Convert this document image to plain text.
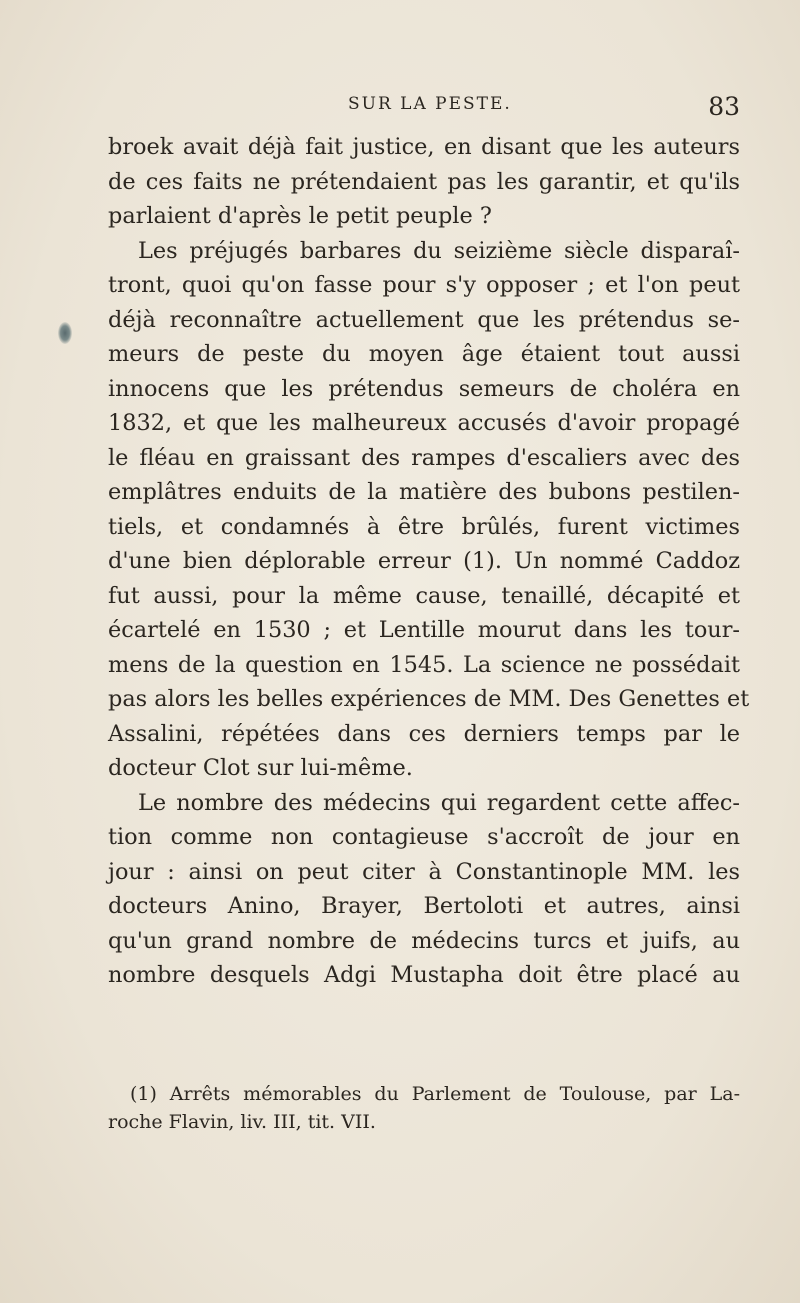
SUR LA PESTE.	83
broek avait déjà fait justice, en disant que les auteurs
de ces faits ne prétendaient pas les garantir, et qu'ils
parlaient d'après le petit peuple ?
Les préjugés barbares du seizième siècle disparaî-
tront, quoi qu'on fasse pour s'y opposer ; et l'on peut
déjà reconnaître actuellement que les prétendus se-
meurs de peste du moyen âge étaient tout aussi
innocens que les prétendus semeurs de choléra en
1832, et que les malheureux accusés d'avoir propagé
le fléau en graissant des rampes d'escaliers avec des
emplâtres enduits de la matière des bubons pestilen-
tiels, et condamnés à être brûlés, furent victimes
d'une bien déplorable erreur (1). Un nommé Caddoz
fut aussi, pour la même cause, tenaillé, décapité et
écartelé en 1530 ; et Lentille mourut dans les tour-
mens de la question en 1545. La science ne possédait
pas alors les belles expériences de MM. Des Genettes et
Assalini, répétées dans ces derniers temps par le
docteur Clot sur lui-même.
Le nombre des médecins qui regardent cette affec-
tion comme non contagieuse s'accroît de jour en
jour : ainsi on peut citer à Constantinople MM. les
docteurs Anino, Brayer, Bertoloti et autres, ainsi
qu'un grand nombre de médecins turcs et juifs, au
nombre desquels Adgi Mustapha doit être placé au
(1) Arrêts mémorables du Parlement de Toulouse, par La-
roche Flavin, liv. III, tit. VII.
